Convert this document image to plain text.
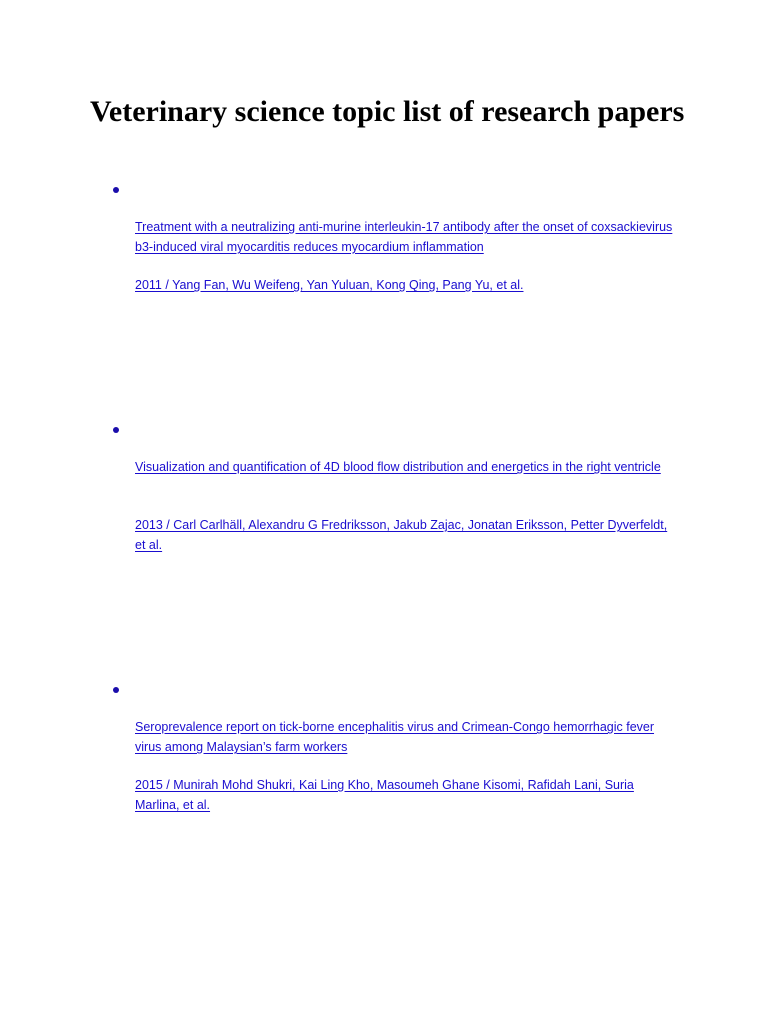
Veterinary science topic list of research papers
Treatment with a neutralizing anti-murine interleukin-17 antibody after the onset of coxsackievirus b3-induced viral myocarditis reduces myocardium inflammation
2011 / Yang Fan, Wu Weifeng, Yan Yuluan, Kong Qing, Pang Yu, et al.
Visualization and quantification of 4D blood flow distribution and energetics in the right ventricle
2013 / Carl Carlhäll, Alexandru G Fredriksson, Jakub Zajac, Jonatan Eriksson, Petter Dyverfeldt, et al.
Seroprevalence report on tick-borne encephalitis virus and Crimean-Congo hemorrhagic fever virus among Malaysian’s farm workers
2015 / Munirah Mohd Shukri, Kai Ling Kho, Masoumeh Ghane Kisomi, Rafidah Lani, Suria Marlina, et al.
